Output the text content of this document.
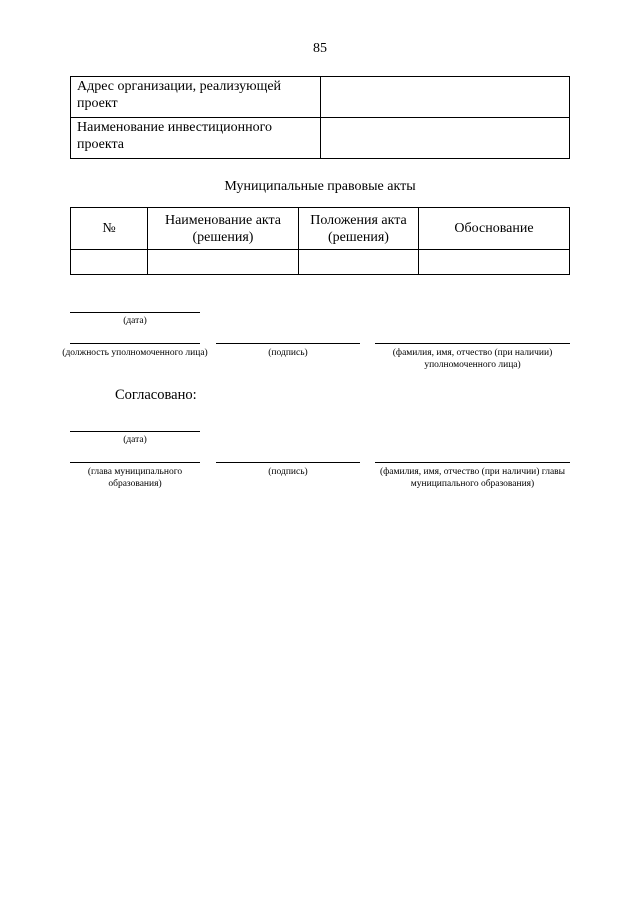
85
Адрес организации, реализующей проект	
Наименование инвестиционного проекта	
Муниципальные правовые акты
№	Наименование акта (решения)	Положения акта (решения)	Обоснование

(дата)
(должность уполномоченного лица)	(подпись)	(фамилия, имя, отчество (при наличии) уполномоченного лица)
Согласовано:
(дата)
(глава муниципального образования)
(подпись)	(фамилия, имя, отчество (при наличии) главы муниципального образования)
